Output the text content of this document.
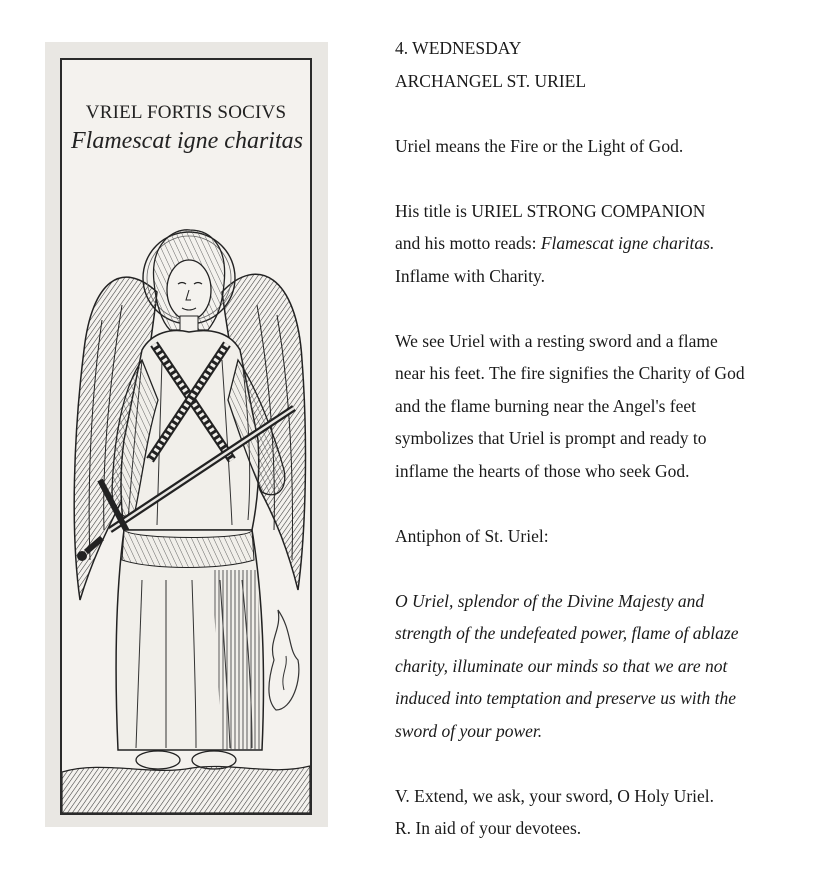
VRIEL FORTIS SOCIVS
Flamescat igne charitas

4. WEDNESDAY
ARCHANGEL ST. URIEL

Uriel means the Fire or the Light of God.

His title is URIEL STRONG COMPANION
and his motto reads: Flamescat igne charitas.
Inflame with Charity.

We see Uriel with a resting sword and a flame
near his feet. The fire signifies the Charity of God
and the flame burning near the Angel's feet
symbolizes that Uriel is prompt and ready to
inflame the hearts of those who seek God.

Antiphon of St. Uriel:

O Uriel, splendor of the Divine Majesty and
strength of the undefeated power, flame of ablaze
charity, illuminate our minds so that we are not
induced into temptation and preserve us with the
sword of your power.

V. Extend, we ask, your sword, O Holy Uriel.
R. In aid of your devotees.
